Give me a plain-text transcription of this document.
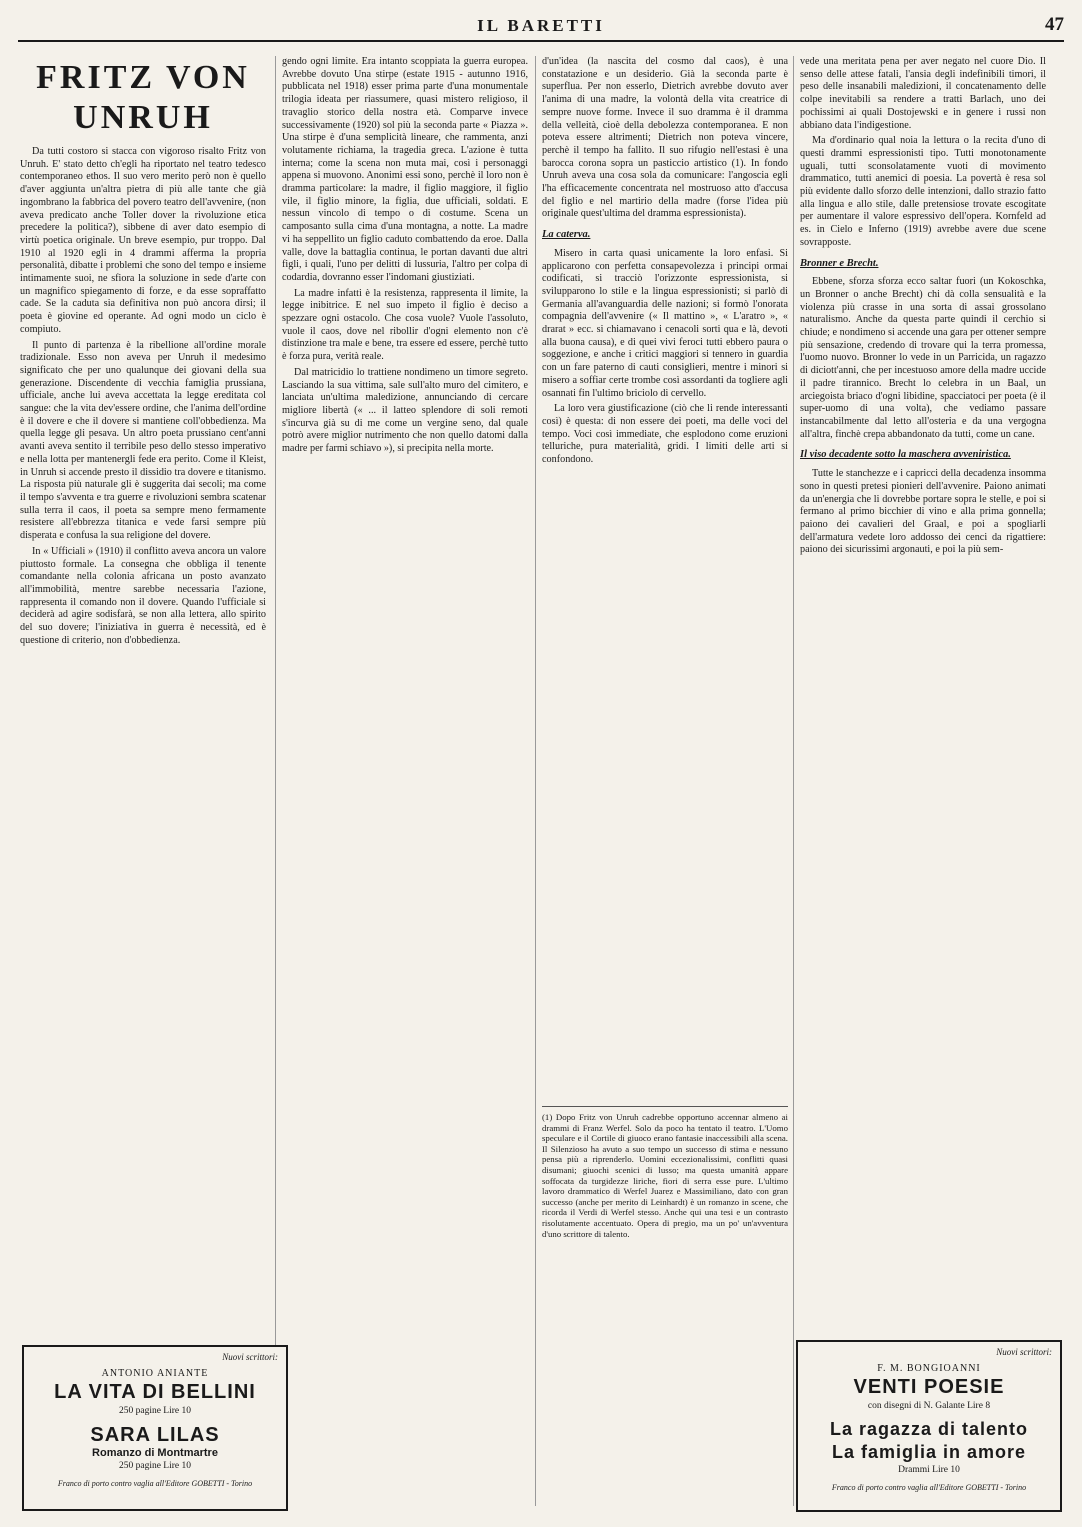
IL BARETTI	47
FRITZ VON UNRUH

Da tutti costoro si stacca con vigoroso risalto Fritz von Unruh. E' stato detto ch'egli ha riportato nel teatro tedesco contemporaneo ethos. Il suo vero merito però non è quello d'aver aggiunta un'altra pietra di più alle tante che già ingombrano la fabbrica del povero teatro dell'avvenire, (non aveva predicato anche Toller dover la rivoluzione etica precedere la politica?), sibbene di aver dato esempio di virtù poetica originale. Un breve esempio, pur troppo. Dal 1910 al 1920 egli in 4 drammi afferma la propria personalità, dibatte i problemi che sono del tempo e insieme intimamente suoi, ne sfiora la soluzione in sede d'arte con un magnifico spiegamento di forze, e da esse sopraffatto cade. Se la caduta sia definitiva non può ancora dirsi; il poeta è giovine ed operante. Ad ogni modo un ciclo è compiuto.

Il punto di partenza è la ribellione all'ordine morale tradizionale. Esso non aveva per Unruh il medesimo significato che per uno qualunque dei giovani della sua generazione. Discendente di vecchia famiglia prussiana, ufficiale, anche lui aveva accettata la legge ereditata col sangue: che la vita dev'essere ordine, che l'anima dell'ordine è il dovere e che il dovere si mantiene coll'obbedienza. Ma quella legge gli pesava. Un altro poeta prussiano cent'anni avanti aveva sentito il terribile peso dello stesso imperativo e nella lotta per mantenergli fede era perito. Come il Kleist, in Unruh si accende presto il dissidio tra dovere e titanismo. La risposta più naturale gli è suggerita dai secoli; ma come il tempo s'avventa e tra guerre e rivoluzioni sembra scatenar sulla terra il caos, il poeta sa sempre meno fermamente resistere all'ebbrezza titanica e vede farsi sempre più disperata e confusa la sua religione del dovere.

In « Ufficiali » (1910) il conflitto aveva ancora un valore piuttosto formale. La consegna che obbliga il tenente comandante nella colonia africana un posto avanzato all'immobilità, mentre sarebbe necessaria l'azione, rappresenta il comando non il dovere. Quando l'ufficiale si deciderà ad agire sodisfarà, se non alla lettera, allo spirito del suo dovere; l'iniziativa in guerra è necessità, ed è questione di criterio, non d'obbedienza.

gendo ogni limite. Era intanto scoppiata la guerra europea. Avrebbe dovuto Una stirpe (estate 1915 - autunno 1916, pubblicata nel 1918) esser prima parte d'una monumentale trilogia ideata per riassumere, quasi mistero religioso, il travaglio storico della nostra età. Comparve invece successivamente (1920) sol più la seconda parte « Piazza ». Una stirpe è d'una semplicità lineare, che rammenta, anzi volutamente richiama, la tragedia greca. L'azione è tutta interna; come la scena non muta mai, così i personaggi appena si muovono. Anonimi essi sono, perchè il loro non è dramma particolare: la madre, il figlio maggiore, il figlio vile, il figlio minore, la figlia, due ufficiali, soldati. E nessun vincolo di tempo o di costume. Scena un camposanto sulla cima d'una montagna, a notte. La madre vi ha seppellito un figlio caduto combattendo da eroe. Dalla valle, dove la battaglia continua, le portan davanti due altri figli, i quali, l'uno per delitti di lussuria, l'altro per colpa di codardia, dovranno esser l'indomani giustiziati.

La madre infatti è la resistenza, rappresenta il limite, la legge inibitrice. E nel suo impeto il figlio è deciso a spezzare ogni ostacolo. Che cosa vuole? Vuole l'assoluto, vuole il caos, dove nel ribollir d'ogni elemento non c'è distinzione tra male e bene, tra essere ed essere, perchè tutto è forza pura, verità reale.

Dal matricidio lo trattiene nondimeno un timore segreto. Lasciando la sua vittima, sale sull'alto muro del cimitero, e lanciata un'ultima maledizione, annunciando di cercare migliore libertà (« ... il latteo splendore di soli remoti s'incurva già su di me come un vergine seno, dal quale potrò avere miglior nutrimento che non quello datomi dalla madre per farmi schiavo »), si precipita nella morte.

d'un'idea (la nascita del cosmo dal caos), è una constatazione e un desiderio. Già la seconda parte è superflua. Per non esserlo, Dietrich avrebbe dovuto aver l'anima di una madre, la volontà della vita creatrice di sempre nuove forme. Invece il suo dramma è il dramma della velleità, cioè della debolezza contemporanea. E non poteva essere altrimenti; Dietrich non poteva vincere, perchè il tempo ha fallito. Il suo rifugio nell'estasi è una barocca corona sopra un pasticcio artistico (1). In fondo Unruh aveva una cosa sola da comunicare: l'angoscia egli l'ha efficacemente concentrata nel mostruoso atto d'accusa del figlio e nel martirio della madre (forse l'idea più originale quest'ultima del dramma espressionista).

La caterva.

Misero in carta quasi unicamente la loro enfasi. Si applicarono con perfetta consapevolezza i principi ormai codificati, si tracciò l'orizzonte espressionista, si svilupparono lo stile e la lingua espressionisti; si parlò di Germania all'avanguardia delle nazioni; si formò l'onorata compagnia dell'avvenire (« Il mattino », « L'aratro », « drarat » ecc. si chiamavano i cenacoli sorti qua e là, devoti alla buona causa), e di quei vivi feroci tutti ebbero paura o soggezione, e anche i critici maggiori si tennero in guardia con un fare paterno di cauti consiglieri, mentre i minori si misero a soffiar certe trombe così assordanti da togliere agli osannati fin l'ultimo briciolo di cervello.

La loro vera giustificazione (ciò che li rende interessanti così) è questa: di non essere dei poeti, ma delle voci del tempo. Voci così immediate, che esplodono come eruzioni telluriche, pura materialità, gridi. I limiti delle arti si confondono.

(1) Dopo Fritz von Unruh cadrebbe opportuno accennar almeno ai drammi di Franz Werfel. Solo da poco ha tentato il teatro. L'Uomo speculare e il Cortile di giuoco erano fantasie inaccessibili alla scena. Il Silenzioso ha avuto a suo tempo un successo di stima e nessuno pensa più a riprenderlo. Uomini eccezionalissimi, conflitti quasi disumani; giuochi scenici di lusso; ma questa umanità appare soffocata da turgidezze liriche, fiori di serra esse pure. L'ultimo lavoro drammatico di Werfel Juarez e Massimiliano, dato con gran successo (anche per merito di Leinhardt) è un romanzo in scene, che ricorda il Verdi di Werfel stesso. Anche qui una tesi e un contrasto risolutamente accentuato. Opera di pregio, ma un po' un'avventura d'uno scrittore di talento.

vede una meritata pena per aver negato nel cuore Dio. Il senso delle attese fatali, l'ansia degli indefinibili timori, il peso delle insanabili maledizioni, il concatenamento delle colpe inevitabili sa rendere a tratti Barlach, uno dei pochissimi ai quali Dostojewski e in genere i russi non abbiano data l'indigestione.

Ma d'ordinario qual noia la lettura o la recita d'uno di questi drammi espressionisti tipo. Tutti monotonamente uguali, tutti sconsolatamente vuoti di movimento drammatico, tutti anemici di poesia. La povertà è resa sol più evidente dallo sforzo delle intenzioni, dallo strazio fatto alla lingua e allo stile, dalle pretensiose trovate escogitate per aumentare il valore espressivo dell'opera. Kornfeld ad es. in Cielo e Inferno (1919) avrebbe avere due scene sovrapposte.

Bronner e Brecht.

Ebbene, sforza sforza ecco saltar fuori (un Kokoschka, un Bronner o anche Brecht) chi dà colla sensualità e la violenza più crasse in una sorta di assai grossolano naturalismo. Anche da questa parte quindi il cerchio si chiude; e nondimeno si accende una gara per ottener sempre più sensazione, credendo di trovare qui la terra promessa, l'uomo nuovo. Bronner lo vede in un Parricida, un ragazzo di diciott'anni, che per incestuoso amore della madre uccide il padre tirannico. Brecht lo celebra in un Baal, un arciegoista briaco d'ogni libidine, spacciatoci per poeta (è il super-uomo di una volta), che vediamo passare instancabilmente dal letto all'osteria e da una vergogna all'altra, finchè crepa abbandonato da tutti, come un cane.

Il viso decadente sotto la maschera avveniristica.

Tutte le stanchezze e i capricci della decadenza insomma sono in questi pretesi pionieri dell'avvenire. Paiono animati da un'energia che li dovrebbe portare sopra le stelle, e poi si fermano al primo bicchier di vino e alla prima gonnella; paiono dei cavalieri del Graal, e poi a spogliarli dell'armatura vedete loro addosso dei cenci da rigattiere: paiono dei sicurissimi argonauti, e poi la più sem-

Nuovi scrittori:
ANTONIO ANIANTE
LA VITA DI BELLINI
250 pagine Lire 10
SARA LILAS
Romanzo di Montmartre
250 pagine Lire 10
Franco di porto contro vaglia all'Editore GOBETTI - Torino
Nuovi scrittori:
F. M. BONGIOANNI
VENTI POESIE
con disegni di N. Galante Lire 8
La ragazza di talento
La famiglia in amore
Drammi Lire 10
Franco di porto contro vaglia all'Editore GOBETTI - Torino
